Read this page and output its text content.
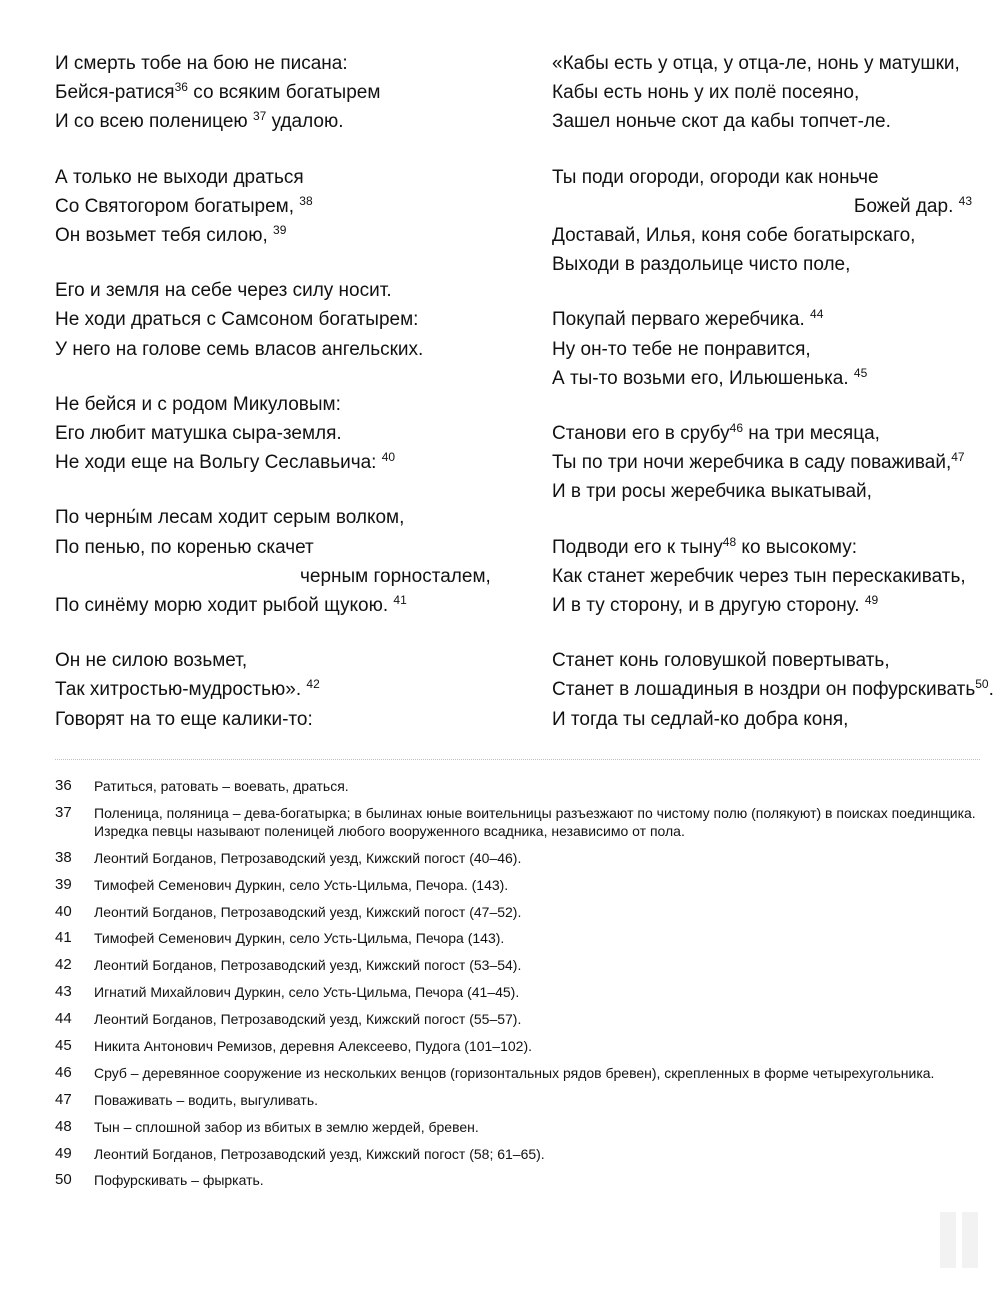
И смерть тобе на бою не писана:
Бейся-ратися$^{36}$ со всяким богатырем
И со всею поленицею $^{37}$ удалою.
А только не выходи драться
Со Святогором богатырем, $^{38}$
Он возьмет тебя силою, $^{39}$
Его и земля на себе через силу носит.
Не ходи драться с Самсоном богатырем:
У него на голове семь власов ангельских.
Не бейся и с родом Микуловым:
Его любит матушка сыра-земля.
Не ходи еще на Вольгу Сеславьича: $^{40}$
По черны́м лесам ходит серым волком,
По пенью, по коренью скачет
черным горносталем,
По синёму морю ходит рыбой щукою. $^{41}$
Он не силою возьмет,
Так хитростью-мудростью». $^{42}$
Говорят на то еще калики-то:
«Кабы есть у отца, у отца-ле, нонь у матушки,
Кабы есть нонь у их полё посеяно,
Зашел ноньче скот да кабы топчет-ле.
Ты поди огороди, огороди как ноньче
Божей дар. $^{43}$
Доставай, Илья, коня собе богатырскаго,
Выходи в раздольице чисто поле,
Покупай перваго жеребчика. $^{44}$
Ну он-то тебе не понравится,
А ты-то возьми его, Ильюшенька. $^{45}$
Станови его в срубу$^{46}$ на три месяца,
Ты по три ночи жеребчика в саду поваживай,$^{47}$
И в три росы жеребчика выкатывай,
Подводи его к тыну$^{48}$ ко высокому:
Как станет жеребчик через тын перескакивать,
И в ту сторону, и в другую сторону. $^{49}$
Станет конь головушкой повертывать,
Станет в лошадиныя в ноздри он пофурскивать$^{50}$.
И тогда ты седлай-ко добра коня,
36	Ратиться, ратовать – воевать, драться.
37	Поленица, поляница – дева-богатырка; в былинах юные воительницы разъезжают по чистому полю (полякуют) в поисках поединщика. Изредка певцы называют поленицей любого вооруженного всадника, независимо от пола.
38	Леонтий Богданов, Петрозаводский уезд, Кижский погост (40–46).
39	Тимофей Семенович Дуркин, село Усть-Цильма, Печора. (143).
40	Леонтий Богданов, Петрозаводский уезд, Кижский погост (47–52).
41	Тимофей Семенович Дуркин, село Усть-Цильма, Печора (143).
42	Леонтий Богданов, Петрозаводский уезд, Кижский погост (53–54).
43	Игнатий Михайлович Дуркин, село Усть-Цильма, Печора (41–45).
44	Леонтий Богданов, Петрозаводский уезд, Кижский погост (55–57).
45	Никита Антонович Ремизов, деревня Алексеево, Пудога (101–102).
46	Сруб – деревянное сооружение из нескольких венцов (горизонтальных рядов бревен), скрепленных в форме четырехугольника.
47	Поваживать – водить, выгуливать.
48	Тын – сплошной забор из вбитых в землю жердей, бревен.
49	Леонтий Богданов, Петрозаводский уезд, Кижский погост (58; 61–65).
50	Пофурскивать – фыркать.
